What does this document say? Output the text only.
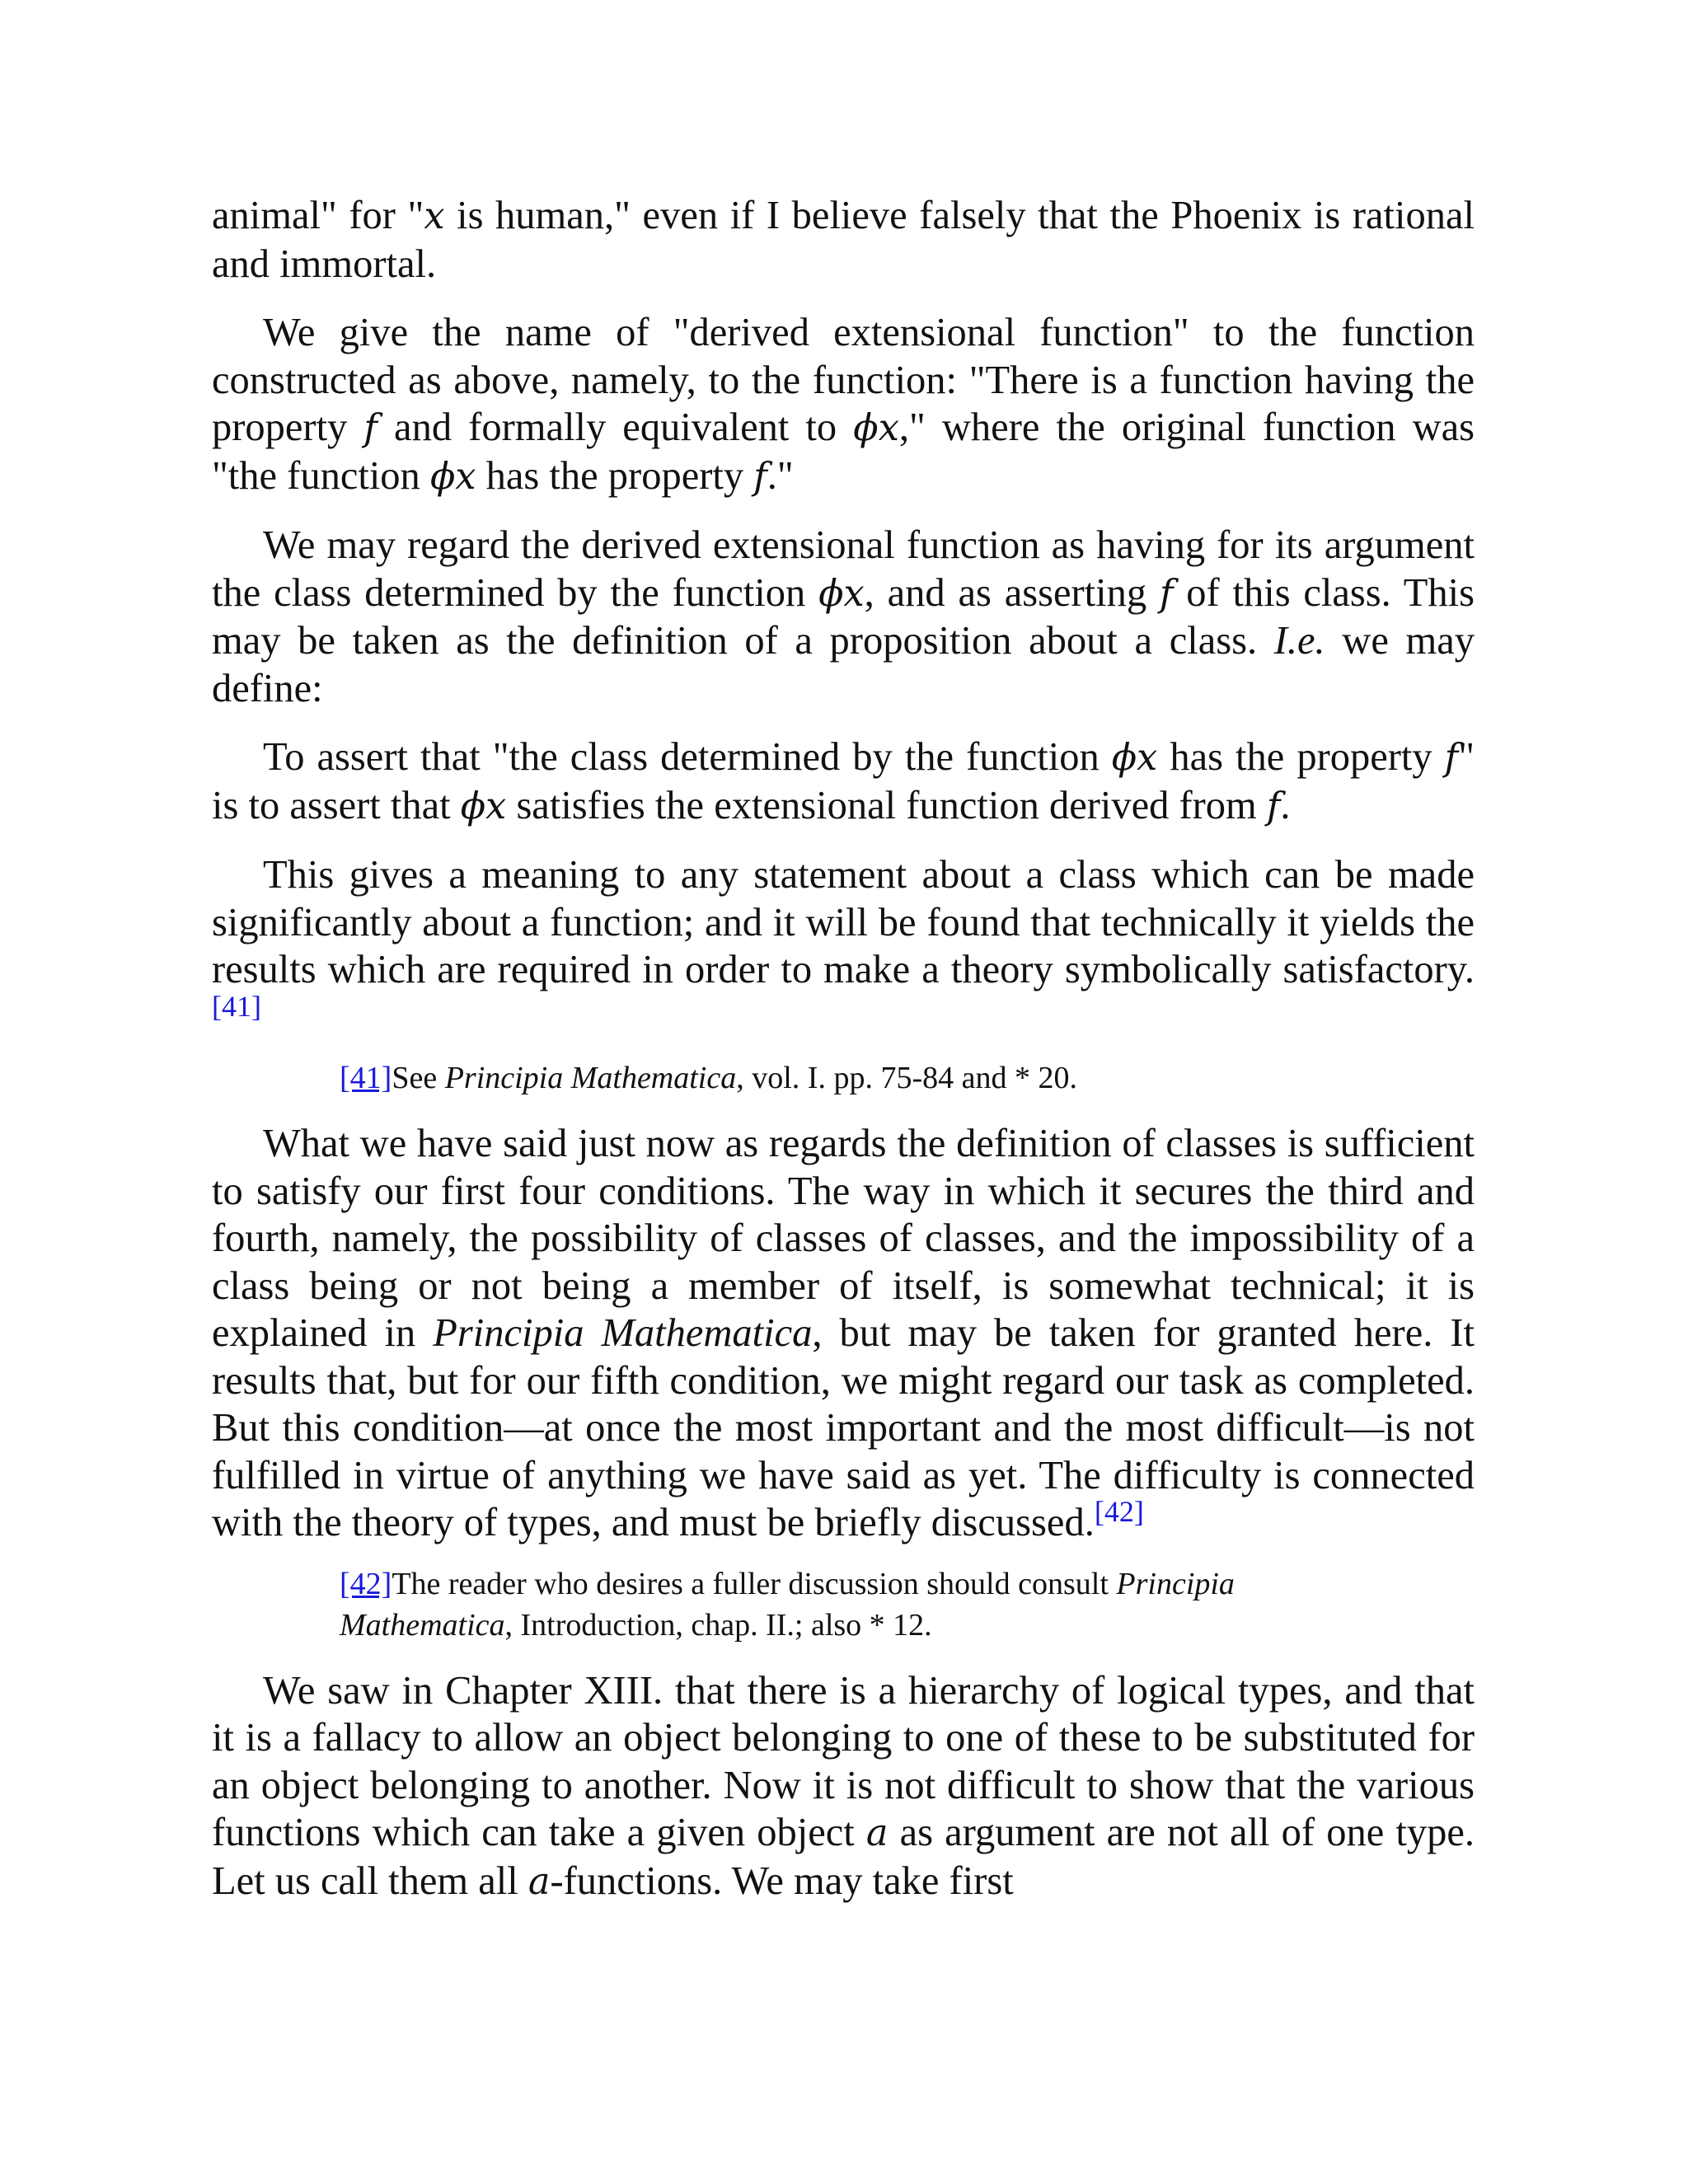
animal" for "x is human," even if I believe falsely that the Phoenix is rational and immortal.

We give the name of "derived extensional function" to the function constructed as above, namely, to the function: "There is a function having the property f and formally equivalent to ϕx," where the original function was "the function ϕx has the property f."

We may regard the derived extensional function as having for its argument the class determined by the function ϕx, and as asserting f of this class. This may be taken as the definition of a proposition about a class. I.e. we may define:

To assert that "the class determined by the function ϕx has the property f" is to assert that ϕx satisfies the extensional function derived from f.

This gives a meaning to any statement about a class which can be made significantly about a function; and it will be found that technically it yields the results which are required in order to make a theory symbolically satisfactory.[41]

[41]See Principia Mathematica, vol. I. pp. 75-84 and * 20.

What we have said just now as regards the definition of classes is sufficient to satisfy our first four conditions. The way in which it secures the third and fourth, namely, the possibility of classes of classes, and the impossibility of a class being or not being a member of itself, is somewhat technical; it is explained in Principia Mathematica, but may be taken for granted here. It results that, but for our fifth condition, we might regard our task as completed. But this condition—at once the most important and the most difficult—is not fulfilled in virtue of anything we have said as yet. The difficulty is connected with the theory of types, and must be briefly discussed.[42]

[42]The reader who desires a fuller discussion should consult Principia Mathematica, Introduction, chap. II.; also * 12.

We saw in Chapter XIII. that there is a hierarchy of logical types, and that it is a fallacy to allow an object belonging to one of these to be substituted for an object belonging to another. Now it is not difficult to show that the various functions which can take a given object a as argument are not all of one type. Let us call them all a-functions. We may take first
